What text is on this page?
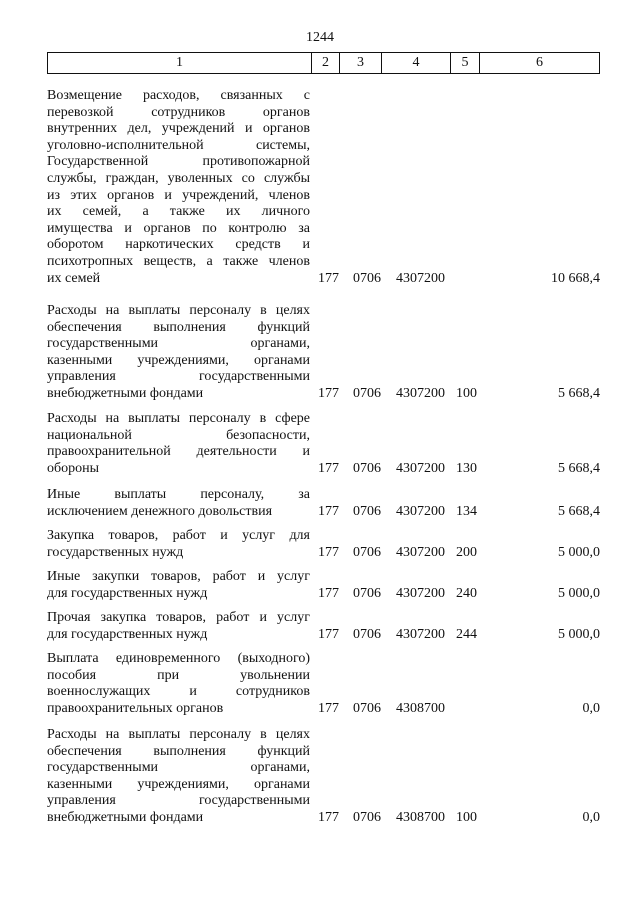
1244
1	2	3	4	5	6
Возмещение расходов, связанных с
перевозкой сотрудников органов
внутренних дел, учреждений и органов
уголовно-исполнительной системы,
Государственной противопожарной
службы, граждан, уволенных со службы
из этих органов и учреждений, членов
их семей, а также их личного
имущества и органов по контролю за
оборотом наркотических средств и
психотропных веществ, а также членов
их семей	177 0706 4307200	10 668,4
Расходы на выплаты персоналу в целях
обеспечения выполнения функций
государственными органами,
казенными учреждениями, органами
управления государственными
внебюджетными фондами	177 0706 4307200 100	5 668,4
Расходы на выплаты персоналу в сфере
национальной безопасности,
правоохранительной деятельности и
обороны	177 0706 4307200 130	5 668,4
Иные выплаты персоналу, за
исключением денежного довольствия	177 0706 4307200 134	5 668,4
Закупка товаров, работ и услуг для
государственных нужд	177 0706 4307200 200	5 000,0
Иные закупки товаров, работ и услуг
для государственных нужд	177 0706 4307200 240	5 000,0
Прочая закупка товаров, работ и услуг
для государственных нужд	177 0706 4307200 244	5 000,0
Выплата единовременного (выходного)
пособия при увольнении
военнослужащих и сотрудников
правоохранительных органов	177 0706 4308700	0,0
Расходы на выплаты персоналу в целях
обеспечения выполнения функций
государственными органами,
казенными учреждениями, органами
управления государственными
внебюджетными фондами	177 0706 4308700 100	0,0
